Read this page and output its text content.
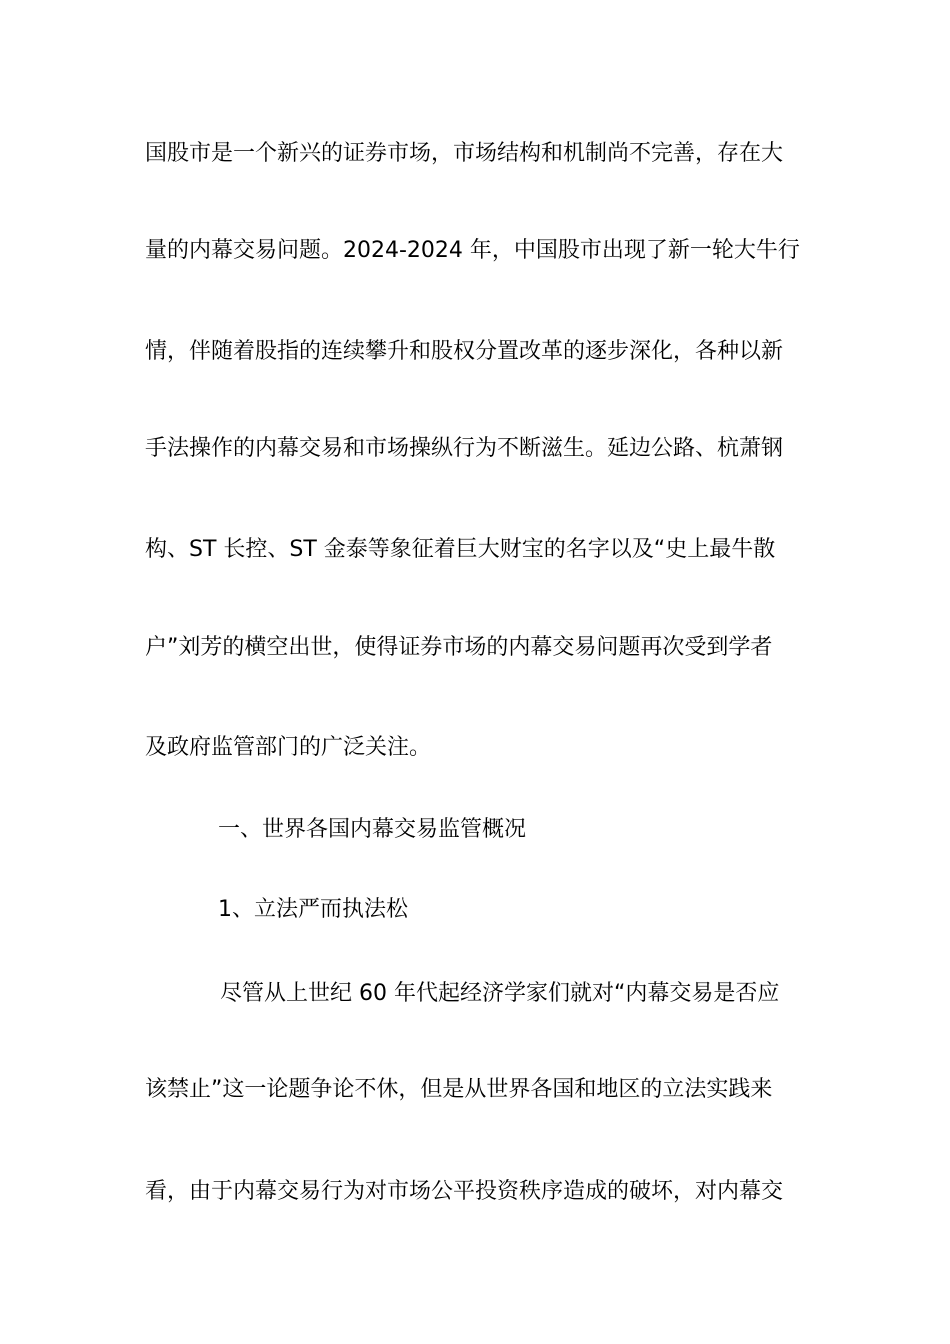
国股市是一个新兴的证券市场，市场结构和机制尚不完善，存在大
量的内幕交易问题。2024-2024 年，中国股市出现了新一轮大牛行
情，伴随着股指的连续攀升和股权分置改革的逐步深化，各种以新
手法操作的内幕交易和市场操纵行为不断滋生。延边公路、杭萧钢
构、ST 长控、ST 金泰等象征着巨大财宝的名字以及“史上最牛散
户”刘芳的横空出世，使得证券市场的内幕交易问题再次受到学者
及政府监管部门的广泛关注。
一、世界各国内幕交易监管概况
1、立法严而执法松
尽管从上世纪 60 年代起经济学家们就对“内幕交易是否应
该禁止”这一论题争论不休，但是从世界各国和地区的立法实践来
看，由于内幕交易行为对市场公平投资秩序造成的破坏，对内幕交
